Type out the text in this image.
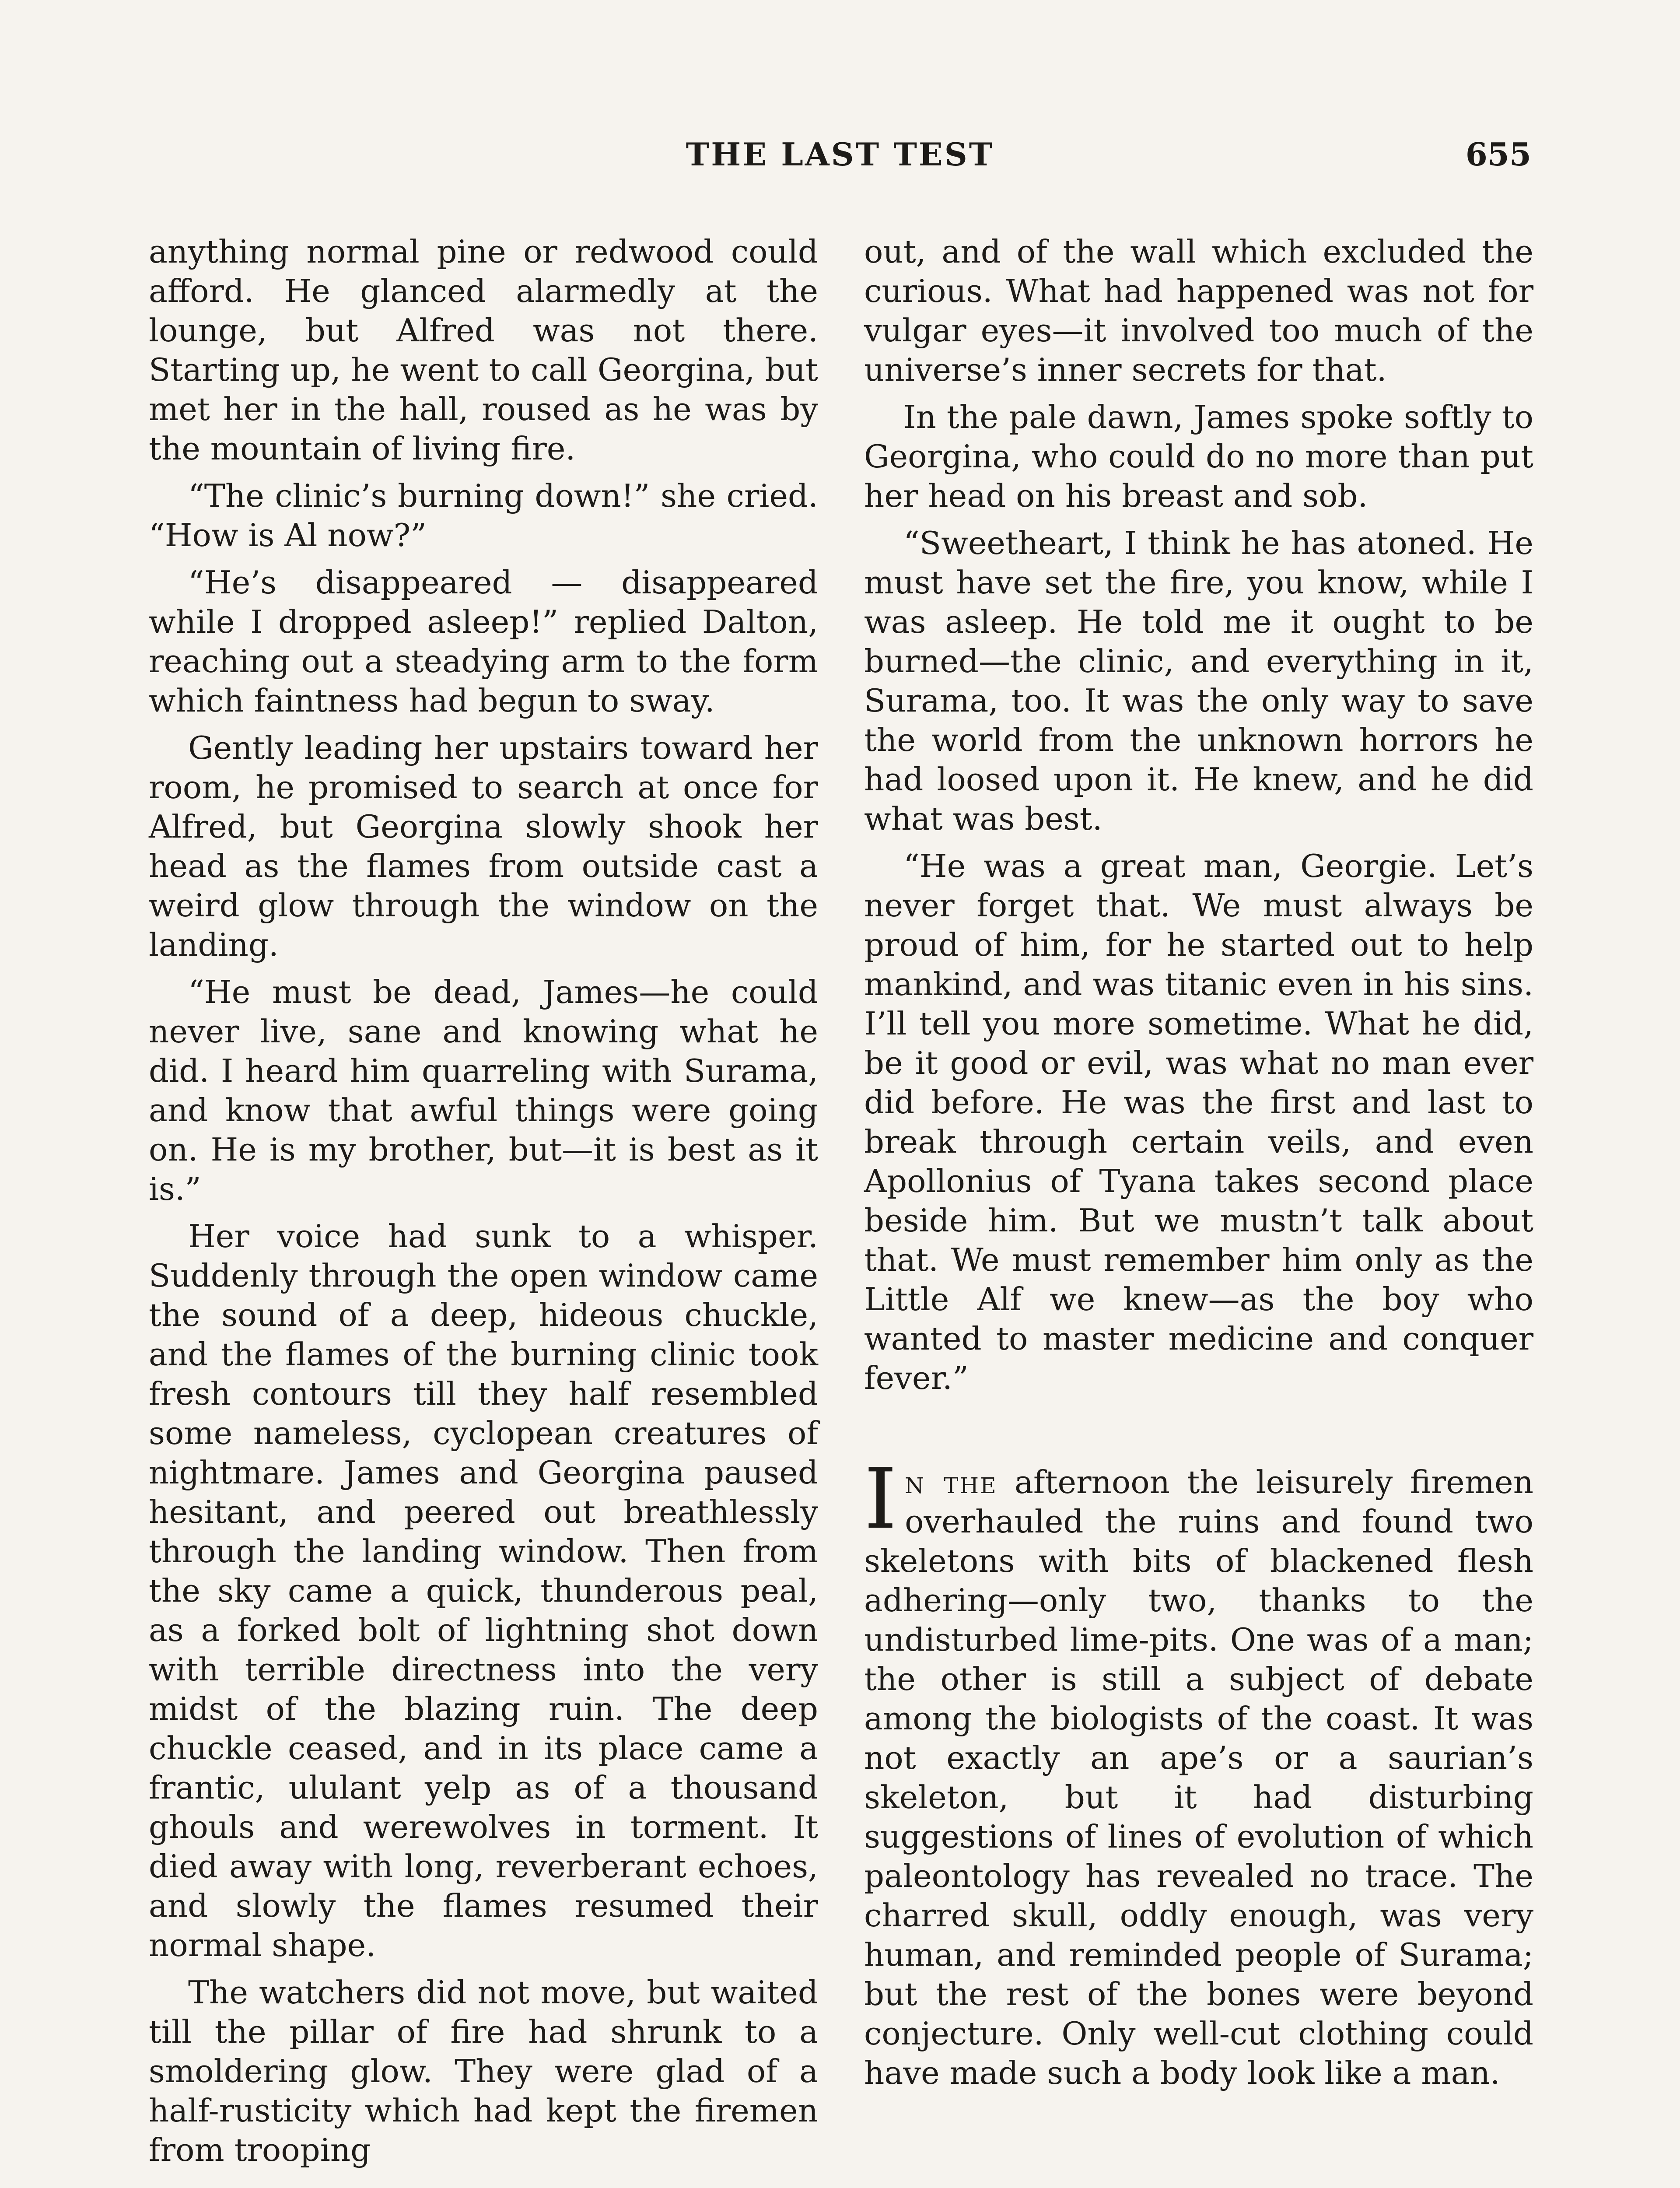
THE LAST TEST	655

anything normal pine or redwood could afford. He glanced alarmedly at the lounge, but Alfred was not there. Starting up, he went to call Georgina, but met her in the hall, roused as he was by the mountain of living fire.

“The clinic’s burning down!” she cried. “How is Al now?”

“He’s disappeared — disappeared while I dropped asleep!” replied Dalton, reaching out a steadying arm to the form which faintness had begun to sway.

Gently leading her upstairs toward her room, he promised to search at once for Alfred, but Georgina slowly shook her head as the flames from outside cast a weird glow through the window on the landing.

“He must be dead, James—he could never live, sane and knowing what he did. I heard him quarreling with Surama, and know that awful things were going on. He is my brother, but—it is best as it is.”

Her voice had sunk to a whisper. Suddenly through the open window came the sound of a deep, hideous chuckle, and the flames of the burning clinic took fresh contours till they half resembled some nameless, cyclopean creatures of nightmare. James and Georgina paused hesitant, and peered out breathlessly through the landing window. Then from the sky came a quick, thunderous peal, as a forked bolt of lightning shot down with terrible directness into the very midst of the blazing ruin. The deep chuckle ceased, and in its place came a frantic, ululant yelp as of a thousand ghouls and werewolves in torment. It died away with long, reverberant echoes, and slowly the flames resumed their normal shape.

The watchers did not move, but waited till the pillar of fire had shrunk to a smoldering glow. They were glad of a half-rusticity which had kept the firemen from trooping

out, and of the wall which excluded the curious. What had happened was not for vulgar eyes—it involved too much of the universe’s inner secrets for that.

In the pale dawn, James spoke softly to Georgina, who could do no more than put her head on his breast and sob.

“Sweetheart, I think he has atoned. He must have set the fire, you know, while I was asleep. He told me it ought to be burned—the clinic, and everything in it, Surama, too. It was the only way to save the world from the unknown horrors he had loosed upon it. He knew, and he did what was best.

“He was a great man, Georgie. Let’s never forget that. We must always be proud of him, for he started out to help mankind, and was titanic even in his sins. I’ll tell you more sometime. What he did, be it good or evil, was what no man ever did before. He was the first and last to break through certain veils, and even Apollonius of Tyana takes second place beside him. But we mustn’t talk about that. We must remember him only as the Little Alf we knew—as the boy who wanted to master medicine and conquer fever.”

In the afternoon the leisurely firemen overhauled the ruins and found two skeletons with bits of blackened flesh adhering—only two, thanks to the undisturbed lime-pits. One was of a man; the other is still a subject of debate among the biologists of the coast. It was not exactly an ape’s or a saurian’s skeleton, but it had disturbing suggestions of lines of evolution of which paleontology has revealed no trace. The charred skull, oddly enough, was very human, and reminded people of Surama; but the rest of the bones were beyond conjecture. Only well-cut clothing could have made such a body look like a man.
